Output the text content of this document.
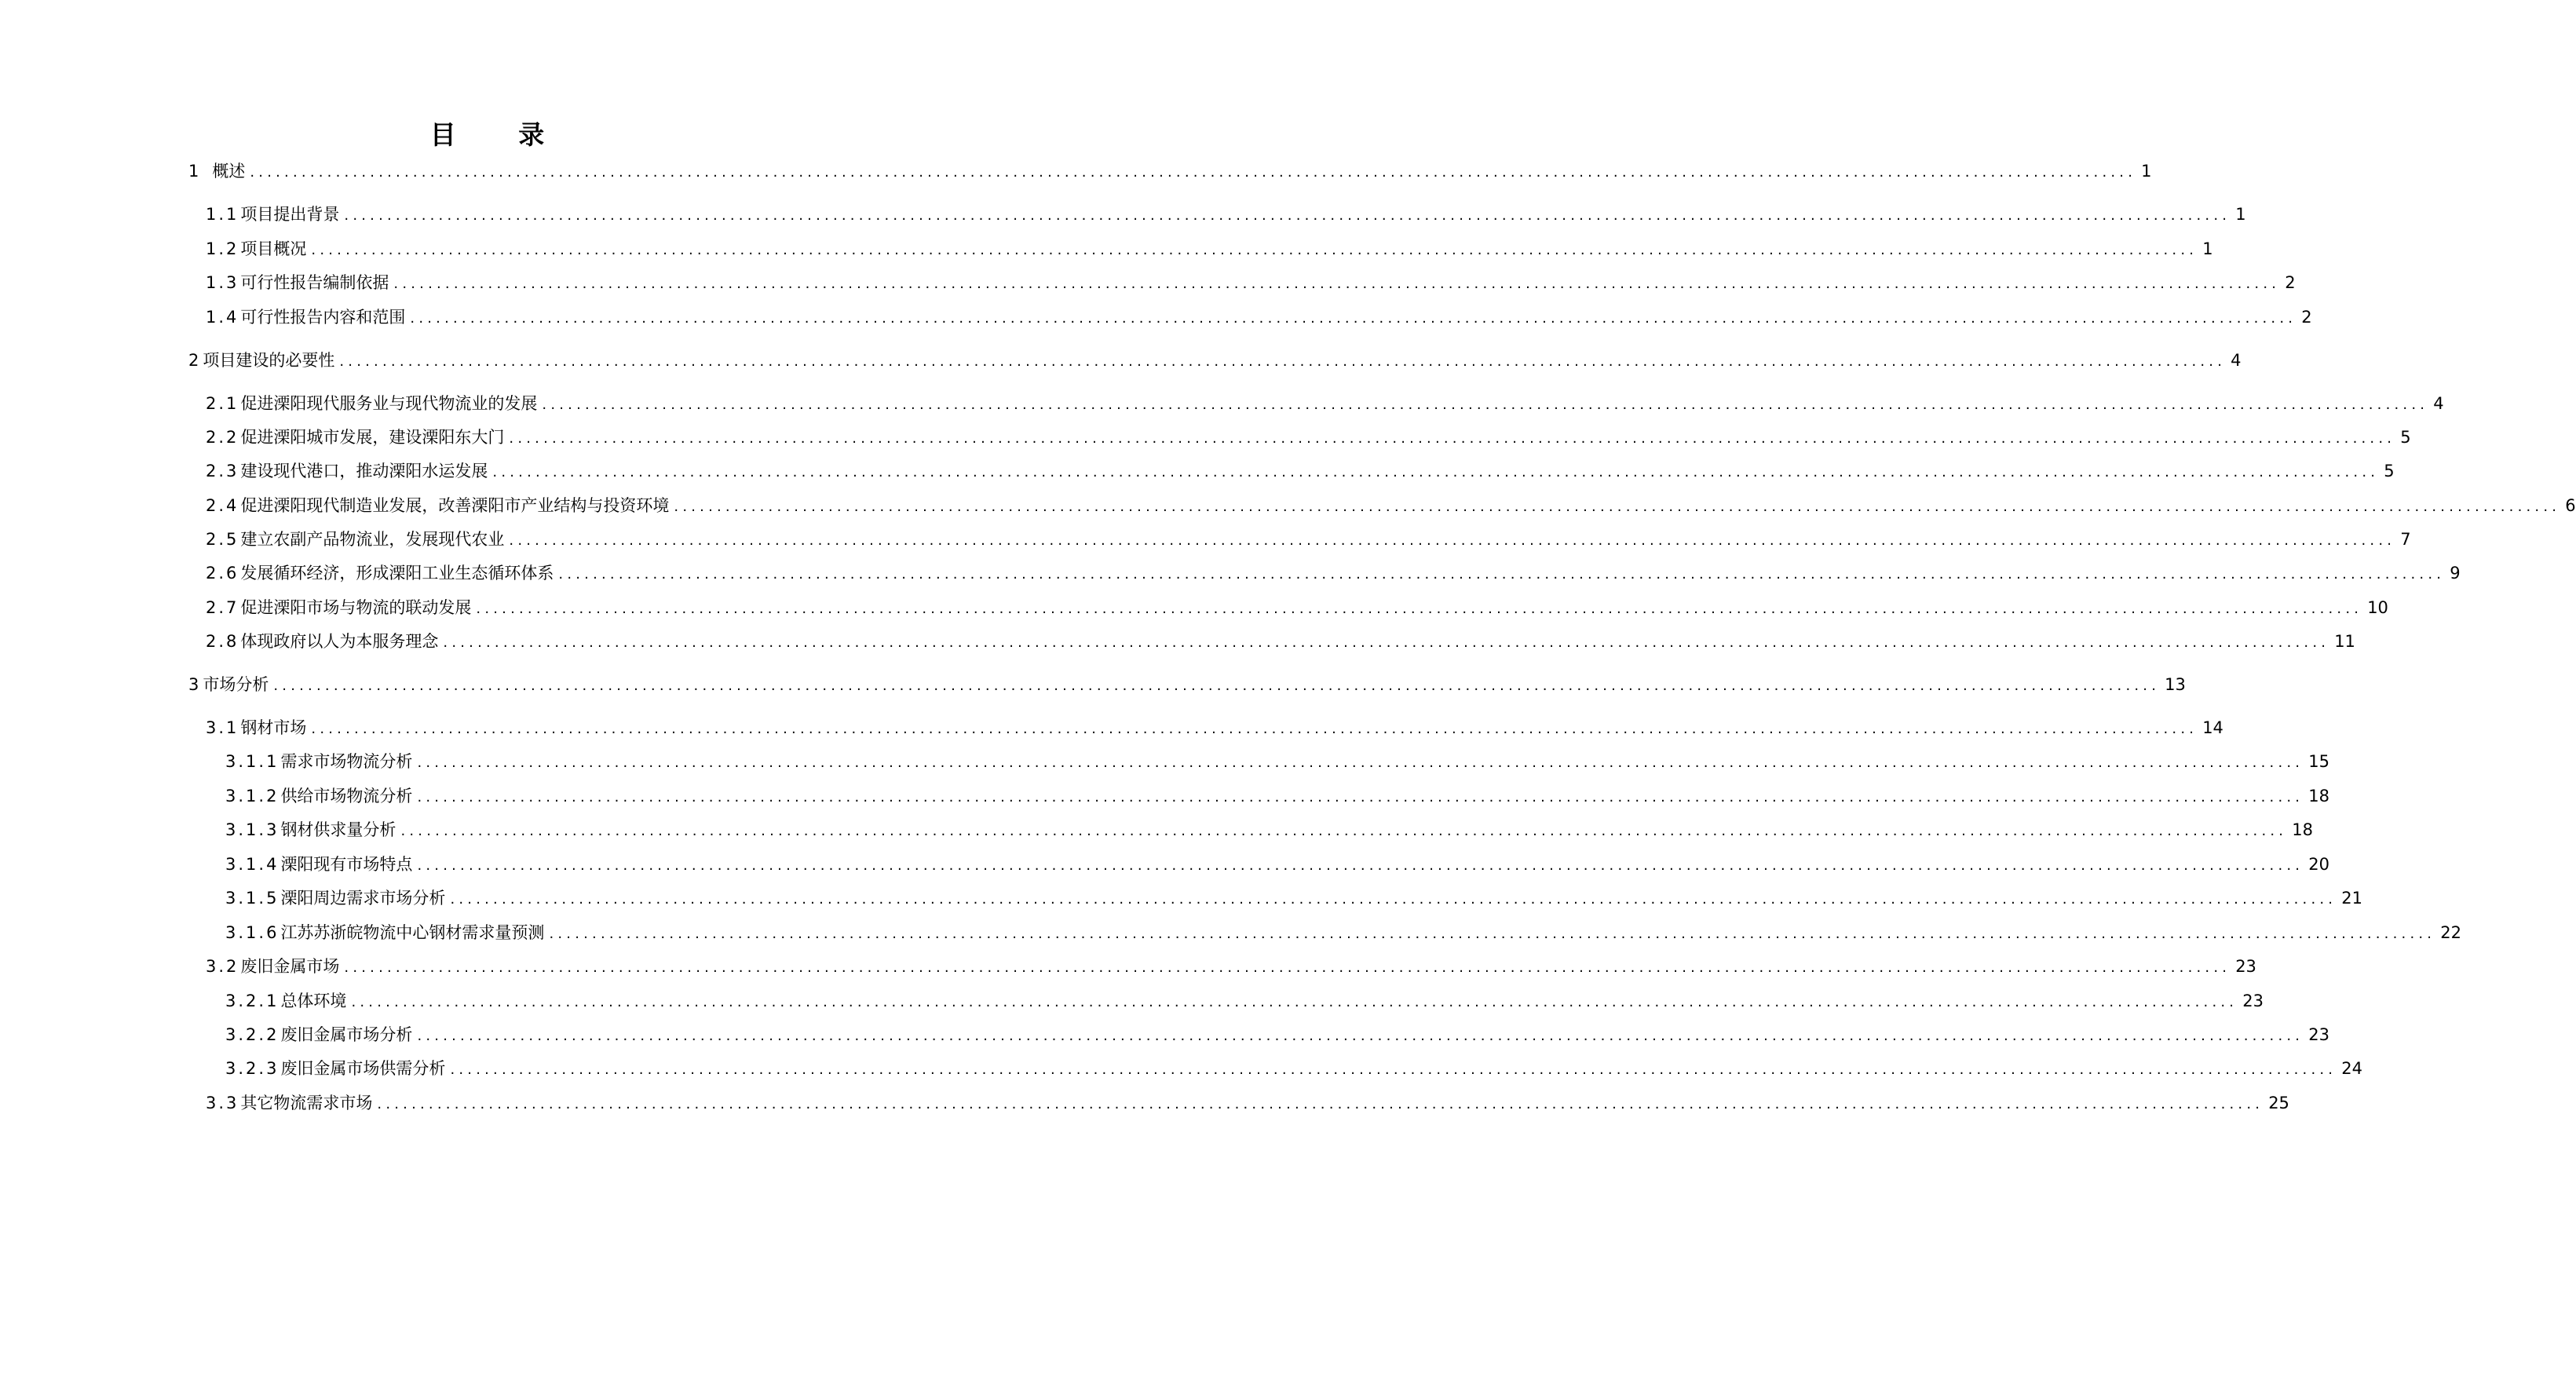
目 录
1 概述 ............................................................................................................................................................................................................................ 1
1.1 项目提出背景 ............................................................................................................................................................................................................................ 1
1.2 项目概况 ............................................................................................................................................................................................................................ 1
1.3 可行性报告编制依据 ............................................................................................................................................................................................................................ 2
1.4 可行性报告内容和范围 ............................................................................................................................................................................................................................ 2
2 项目建设的必要性 ............................................................................................................................................................................................................................ 4
2.1 促进溧阳现代服务业与现代物流业的发展 ............................................................................................................................................................................................................................ 4
2.2 促进溧阳城市发展，建设溧阳东大门 ............................................................................................................................................................................................................................ 5
2.3 建设现代港口，推动溧阳水运发展 ............................................................................................................................................................................................................................ 5
2.4 促进溧阳现代制造业发展，改善溧阳市产业结构与投资环境 ............................................................................................................................................................................................................................ 6
2.5 建立农副产品物流业，发展现代农业 ............................................................................................................................................................................................................................ 7
2.6 发展循环经济，形成溧阳工业生态循环体系 ............................................................................................................................................................................................................................ 9
2.7 促进溧阳市场与物流的联动发展 ............................................................................................................................................................................................................................ 10
2.8 体现政府以人为本服务理念 ............................................................................................................................................................................................................................ 11
3 市场分析 ............................................................................................................................................................................................................................ 13
3.1 钢材市场 ............................................................................................................................................................................................................................ 14
3.1.1 需求市场物流分析 ............................................................................................................................................................................................................................ 15
3.1.2 供给市场物流分析 ............................................................................................................................................................................................................................ 18
3.1.3 钢材供求量分析 ............................................................................................................................................................................................................................ 18
3.1.4 溧阳现有市场特点 ............................................................................................................................................................................................................................ 20
3.1.5 溧阳周边需求市场分析 ............................................................................................................................................................................................................................ 21
3.1.6 江苏苏浙皖物流中心钢材需求量预测 ............................................................................................................................................................................................................................ 22
3.2 废旧金属市场 ............................................................................................................................................................................................................................ 23
3.2.1 总体环境 ............................................................................................................................................................................................................................ 23
3.2.2 废旧金属市场分析 ............................................................................................................................................................................................................................ 23
3.2.3 废旧金属市场供需分析 ............................................................................................................................................................................................................................ 24
3.3 其它物流需求市场 ............................................................................................................................................................................................................................ 25
